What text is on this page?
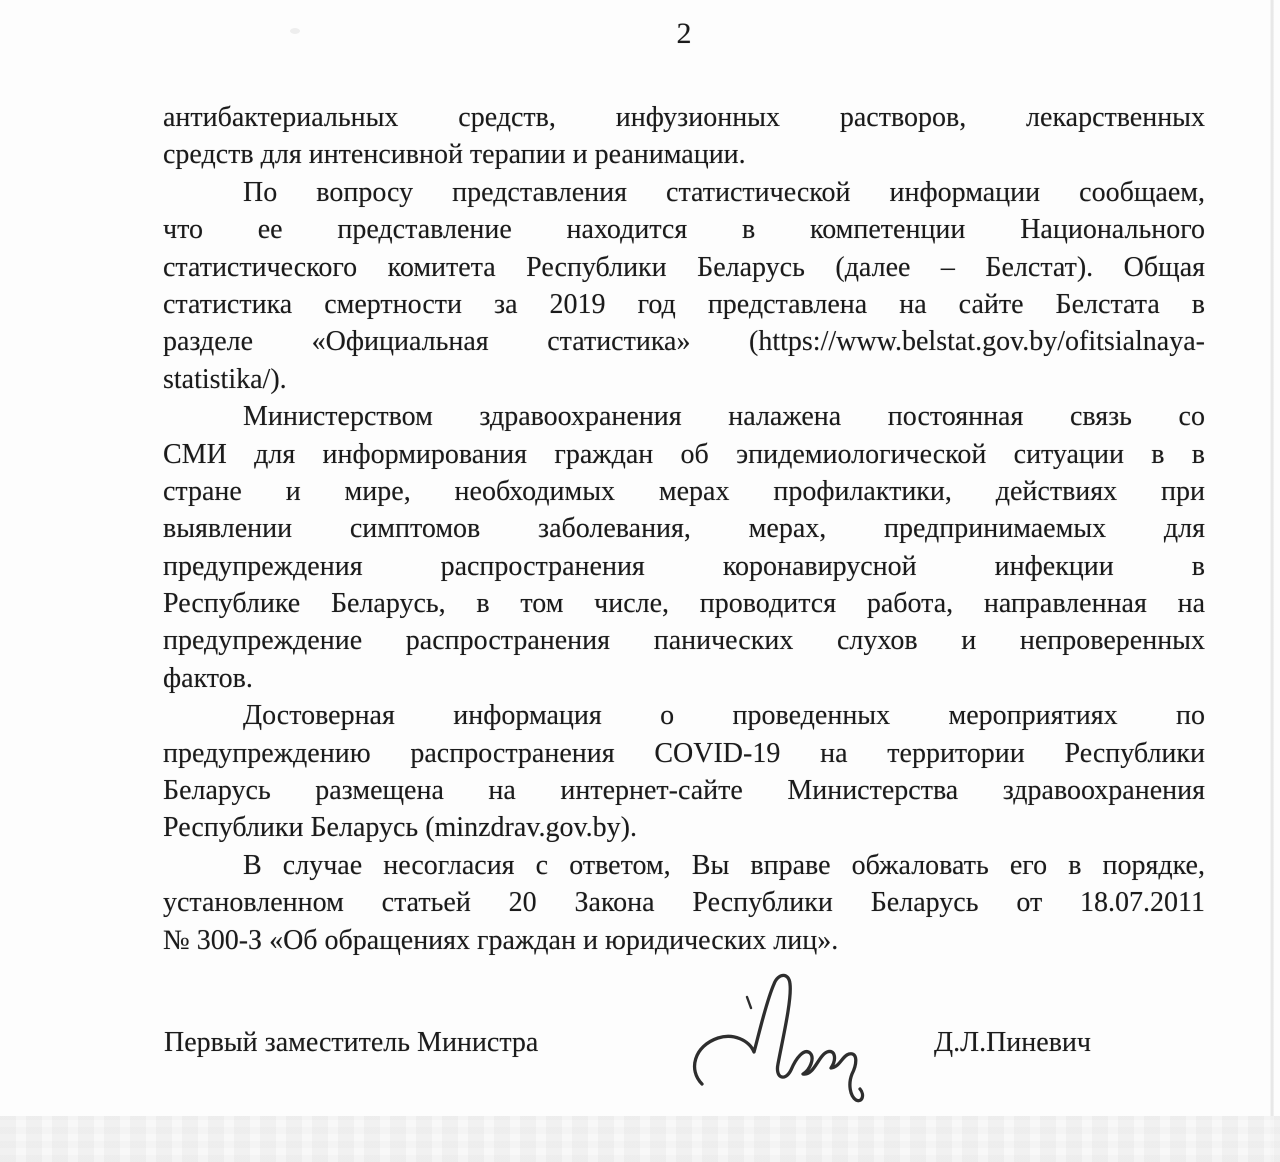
2
антибактериальных средств, инфузионных растворов, лекарственных
средств для интенсивной терапии и реанимации.
По вопросу представления статистической информации сообщаем,
что ее представление находится в компетенции Национального
статистического комитета Республики Беларусь (далее – Белстат). Общая
статистика смертности за 2019 год представлена на сайте Белстата в
разделе «Официальная статистика» (https://www.belstat.gov.by/ofitsialnaya-
statistika/).
Министерством здравоохранения налажена постоянная связь со
СМИ для информирования граждан об эпидемиологической ситуации в в
стране и мире, необходимых мерах профилактики, действиях при
выявлении симптомов заболевания, мерах, предпринимаемых для
предупреждения распространения коронавирусной инфекции в
Республике Беларусь, в том числе, проводится работа, направленная на
предупреждение распространения панических слухов и непроверенных
фактов.
Достоверная информация о проведенных мероприятиях по
предупреждению распространения COVID-19 на территории Республики
Беларусь размещена на интернет-сайте Министерства здравоохранения
Республики Беларусь (minzdrav.gov.by).
В случае несогласия с ответом, Вы вправе обжаловать его в порядке,
установленном статьей 20 Закона Республики Беларусь от 18.07.2011
№ 300-З «Об обращениях граждан и юридических лиц».
Первый заместитель Министра	Д.Л.Пиневич
